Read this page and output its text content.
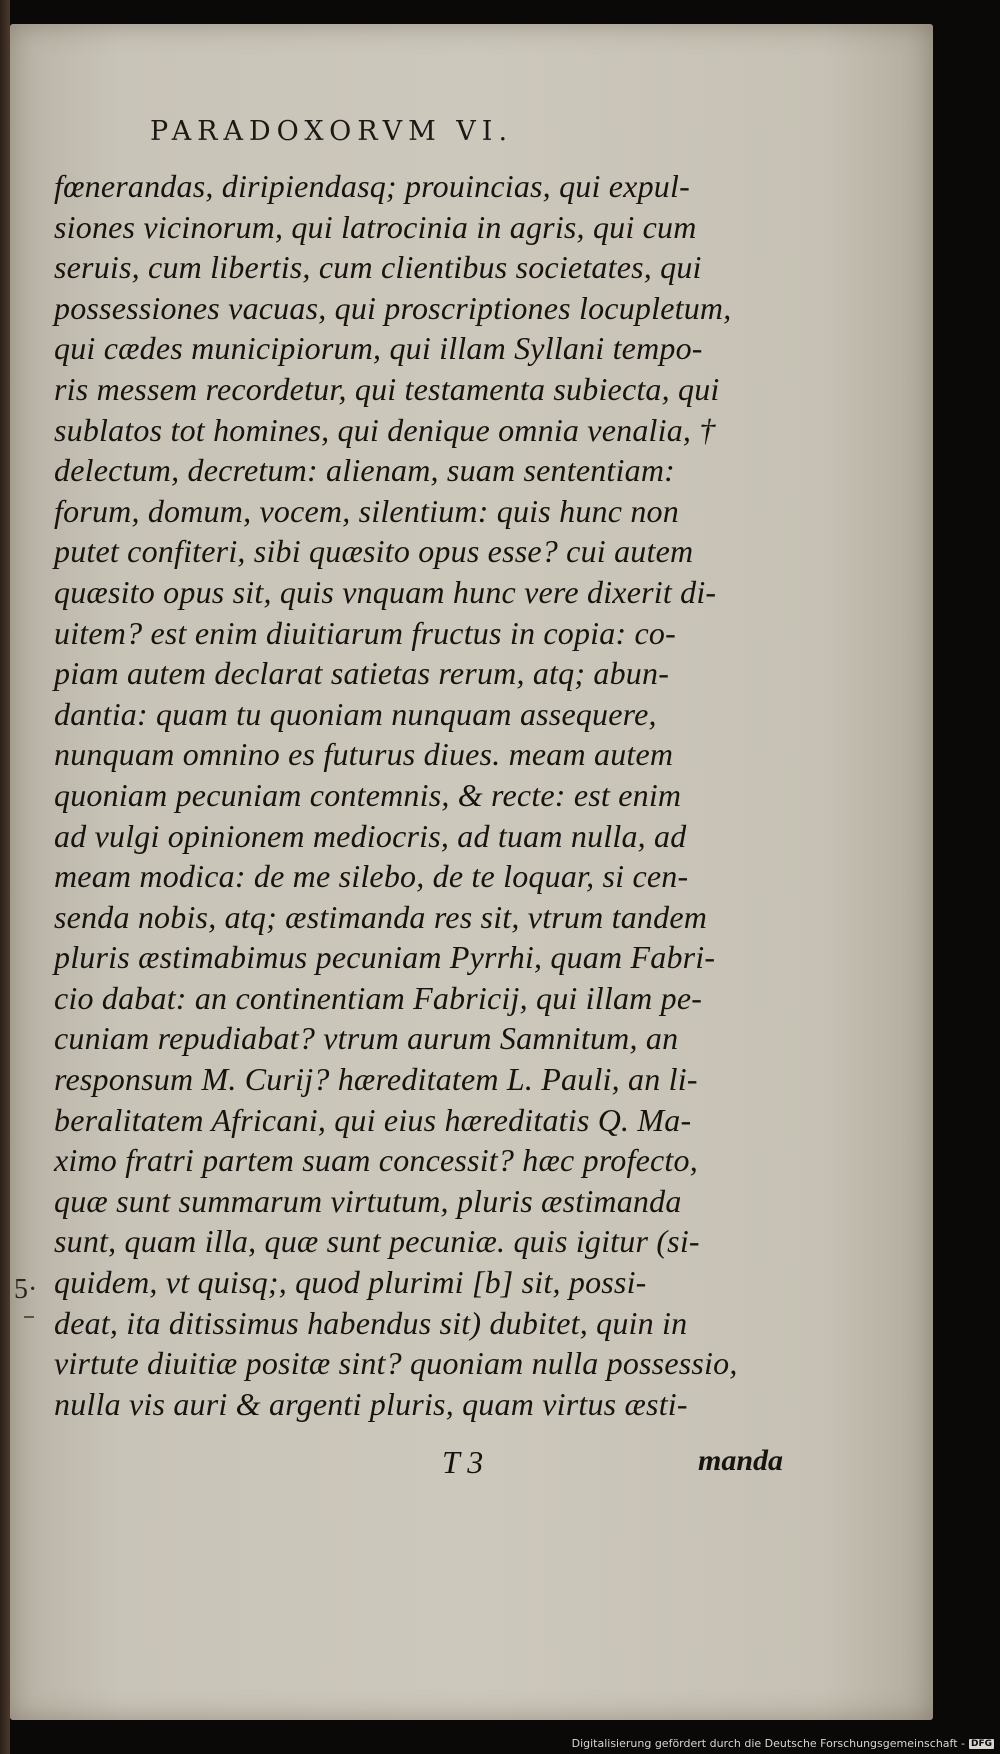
PARADOXORVM VI.
fœnerandas, diripiendasq; prouincias, qui expul-
siones vicinorum, qui latrocinia in agris, qui cum
seruis, cum libertis, cum clientibus societates, qui
possessiones vacuas, qui proscriptiones locupletum,
qui cædes municipiorum, qui illam Syllani tempo-
ris messem recordetur, qui testamenta subiecta, qui
sublatos tot homines, qui denique omnia venalia, †
delectum, decretum: alienam, suam sententiam:
forum, domum, vocem, silentium: quis hunc non
putet confiteri, sibi quæsito opus esse? cui autem
quæsito opus sit, quis vnquam hunc vere dixerit di-
uitem? est enim diuitiarum fructus in copia: co-
piam autem declarat satietas rerum, atq; abun-
dantia: quam tu quoniam nunquam assequere,
nunquam omnino es futurus diues. meam autem
quoniam pecuniam contemnis, & recte: est enim
ad vulgi opinionem mediocris, ad tuam nulla, ad
meam modica: de me silebo, de te loquar, si cen-
senda nobis, atq; æstimanda res sit, vtrum tandem
pluris æstimabimus pecuniam Pyrrhi, quam Fabri-
cio dabat: an continentiam Fabricij, qui illam pe-
cuniam repudiabat? vtrum aurum Samnitum, an
responsum M. Curij? hæreditatem L. Pauli, an li-
beralitatem Africani, qui eius hæreditatis Q. Ma-
ximo fratri partem suam concessit? hæc profecto,
quæ sunt summarum virtutum, pluris æstimanda
sunt, quam illa, quæ sunt pecuniæ. quis igitur (si-
quidem, vt quisq;, quod plurimi [b] sit, possi-
deat, ita ditissimus habendus sit) dubitet, quin in
virtute diuitiæ positæ sint? quoniam nulla possessio,
nulla vis auri & argenti pluris, quam virtus æsti-
5·
T 3	manda
Digitalisierung gefördert durch die Deutsche Forschungsgemeinschaft - DFG
